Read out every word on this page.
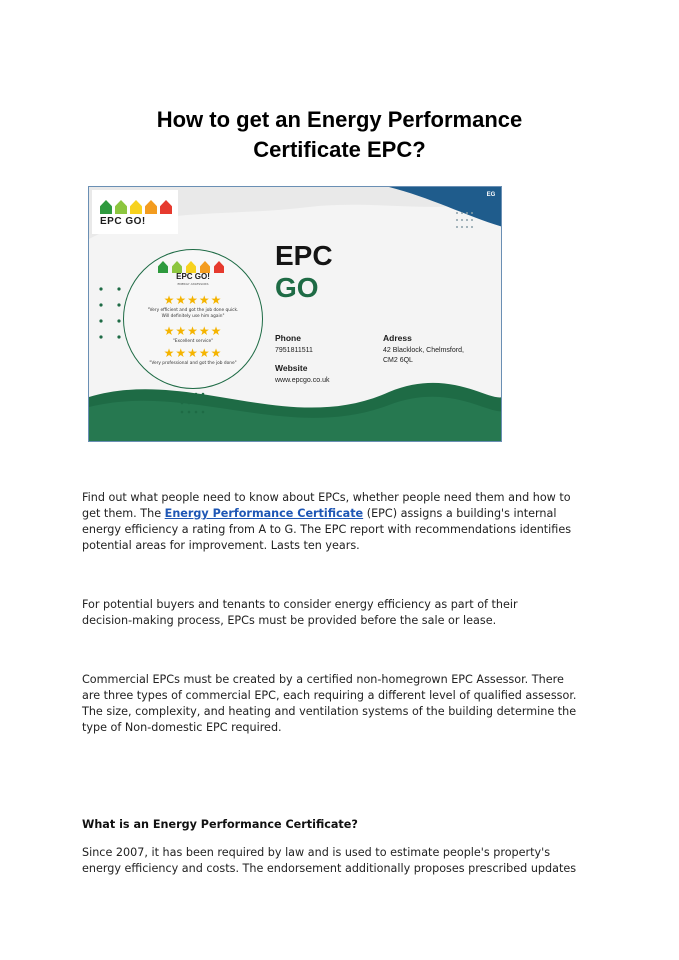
How to get an Energy Performance
Certificate EPC?
EG
EPC GO!
EPC GO!
ENERGY ASSESSORS
★★★★★
"Very efficient and got the job done quick.
Will definitely use him again"
★★★★★
"Excellent service"
★★★★★
"Very professional and got the job done"
EPC
GO
Phone
7951811511
Website
www.epcgo.co.uk
Adress
42 Blacklock, Chelmsford,
CM2 6QL
Find out what people need to know about EPCs, whether people need them and how to
get them. The Energy Performance Certificate (EPC) assigns a building's internal
energy efficiency a rating from A to G. The EPC report with recommendations identifies
potential areas for improvement. Lasts ten years.
For potential buyers and tenants to consider energy efficiency as part of their
decision-making process, EPCs must be provided before the sale or lease.
Commercial EPCs must be created by a certified non-homegrown EPC Assessor. There
are three types of commercial EPC, each requiring a different level of qualified assessor.
The size, complexity, and heating and ventilation systems of the building determine the
type of Non-domestic EPC required.
What is an Energy Performance Certificate?
Since 2007, it has been required by law and is used to estimate people's property's
energy efficiency and costs. The endorsement additionally proposes prescribed updates
